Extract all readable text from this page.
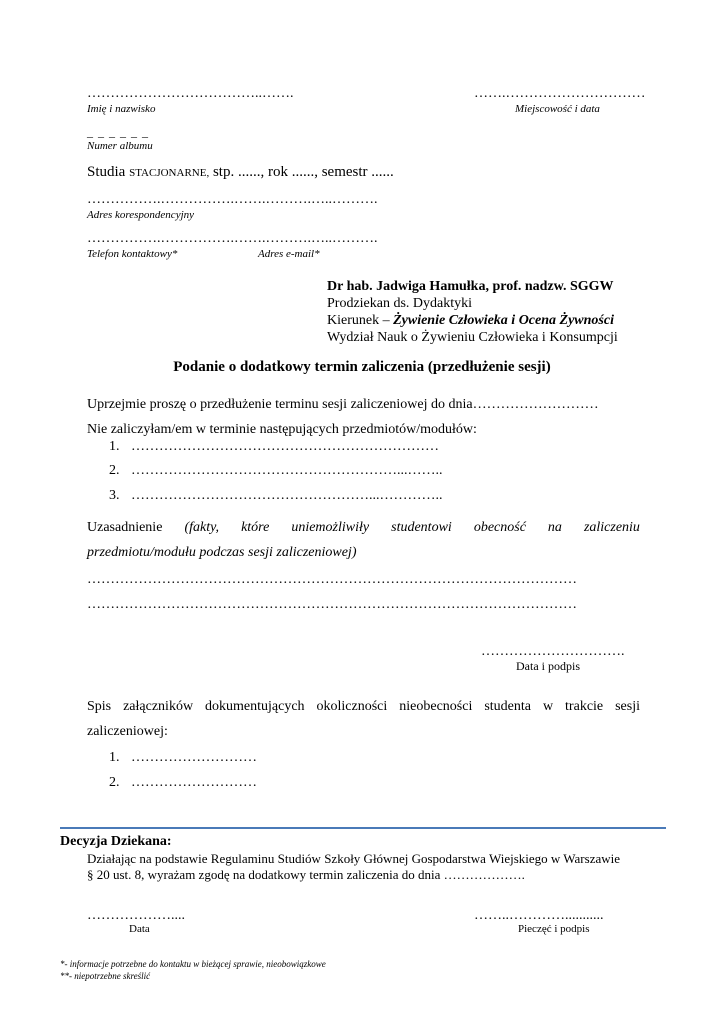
………………………………..…….
Imię i nazwisko
…….…………………………
Miejscowość i data
_ _ _ _ _ _
Numer albumu
Studia STACJONARNE, stp. ......, rok ......, semestr ......
…………….…………….…….……….…..……….
Adres korespondencyjny
…………….…………….…….……….…..……….
Telefon kontaktowy*	Adres e-mail*
Dr hab. Jadwiga Hamułka, prof. nadzw. SGGW
Prodziekan ds. Dydaktyki
Kierunek – Żywienie Człowieka i Ocena Żywności
Wydział Nauk o Żywieniu Człowieka i Konsumpcji
Podanie o dodatkowy termin zaliczenia (przedłużenie sesji)
Uprzejmie proszę o przedłużenie terminu sesji zaliczeniowej do dnia………………………
Nie zaliczyłam/em w terminie następujących przedmiotów/modułów:
1. …………………………………………………………
2. …………………………………………………...……..
3. ……………………………………………...…………..
Uzasadnienie (fakty, które uniemożliwiły studentowi obecność na zaliczeniu
przedmiotu/modułu podczas sesji zaliczeniowej)
……………………………………………………………………………………………
……………………………………………………………………………………………
………………………….
Data i podpis
Spis załączników dokumentujących okoliczności nieobecności studenta w trakcie sesji
zaliczeniowej:
1. ………………………
2. ………………………
Decyzja Dziekana:
Działając na podstawie Regulaminu Studiów Szkoły Głównej Gospodarstwa Wiejskiego w Warszawie
§ 20 ust. 8, wyrażam zgodę na dodatkowy termin zaliczenia do dnia ……………….
………………....
Data
……..…………...........
Pieczęć i podpis
*- informacje potrzebne do kontaktu w bieżącej sprawie, nieobowiązkowe
**- niepotrzebne skreślić
